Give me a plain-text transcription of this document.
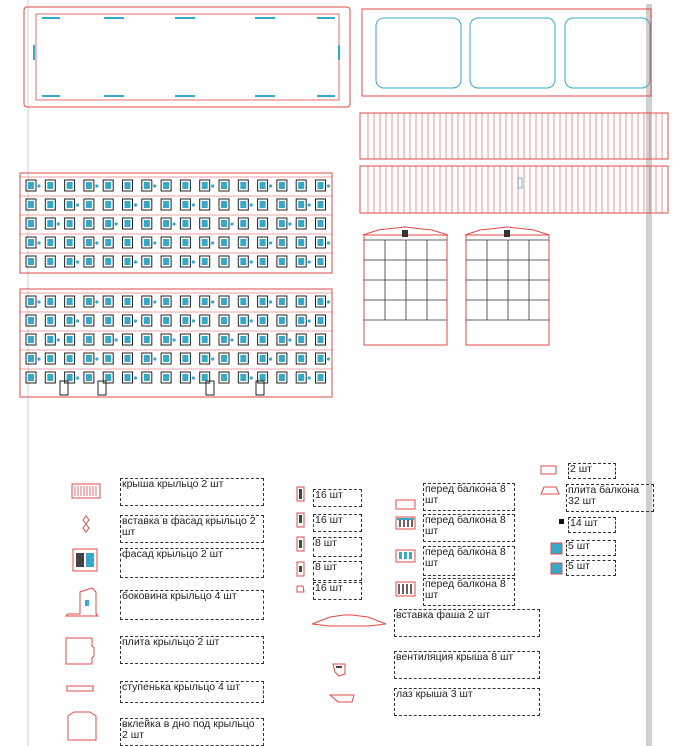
крыша крыльцо 2 шт
вставка в фасад крыльцо 2 шт
фасад крыльцо 2 шт
боковина крыльцо 4 шт
плита крыльцо 2 шт
ступенька крыльцо 4 шт
вклейка в дно под крыльцо 2 шт
16 шт
16 шт
8 шт
8 шт
16 шт
перед балкона 8 шт
перед балкона 8 шт
перед балкона 8 шт
перед балкона 8 шт
вставка фаша 2 шт
вентиляция крыша 8 шт
лаз крыша 3 шт
2 шт
плита балкона 32 шт
14 шт
5 шт
5 шт
